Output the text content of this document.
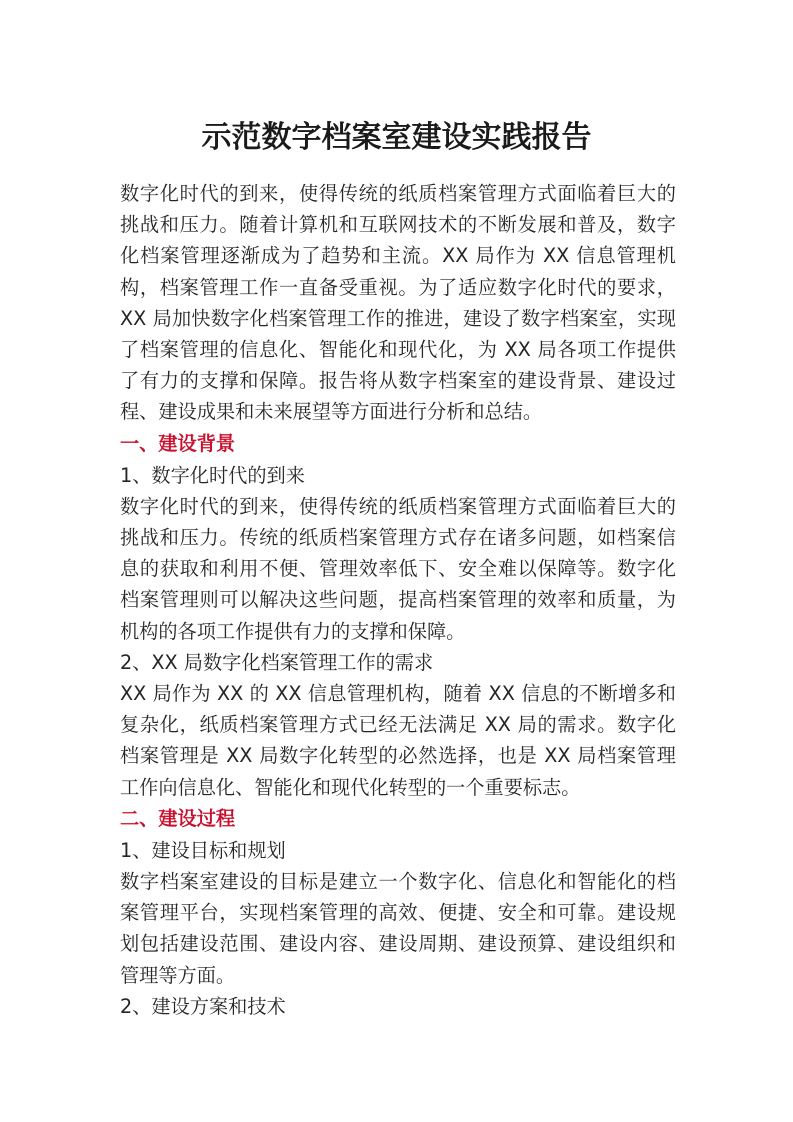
示范数字档案室建设实践报告

数字化时代的到来，使得传统的纸质档案管理方式面临着巨大的挑战和压力。随着计算机和互联网技术的不断发展和普及，数字化档案管理逐渐成为了趋势和主流。XX 局作为 XX 信息管理机构，档案管理工作一直备受重视。为了适应数字化时代的要求，XX 局加快数字化档案管理工作的推进，建设了数字档案室，实现了档案管理的信息化、智能化和现代化，为 XX 局各项工作提供了有力的支撑和保障。报告将从数字档案室的建设背景、建设过程、建设成果和未来展望等方面进行分析和总结。

一、建设背景

1、数字化时代的到来

数字化时代的到来，使得传统的纸质档案管理方式面临着巨大的挑战和压力。传统的纸质档案管理方式存在诸多问题，如档案信息的获取和利用不便、管理效率低下、安全难以保障等。数字化档案管理则可以解决这些问题，提高档案管理的效率和质量，为机构的各项工作提供有力的支撑和保障。

2、XX 局数字化档案管理工作的需求

XX 局作为 XX 的 XX 信息管理机构，随着 XX 信息的不断增多和复杂化，纸质档案管理方式已经无法满足 XX 局的需求。数字化档案管理是 XX 局数字化转型的必然选择，也是 XX 局档案管理工作向信息化、智能化和现代化转型的一个重要标志。

二、建设过程

1、建设目标和规划

数字档案室建设的目标是建立一个数字化、信息化和智能化的档案管理平台，实现档案管理的高效、便捷、安全和可靠。建设规划包括建设范围、建设内容、建设周期、建设预算、建设组织和管理等方面。

2、建设方案和技术
